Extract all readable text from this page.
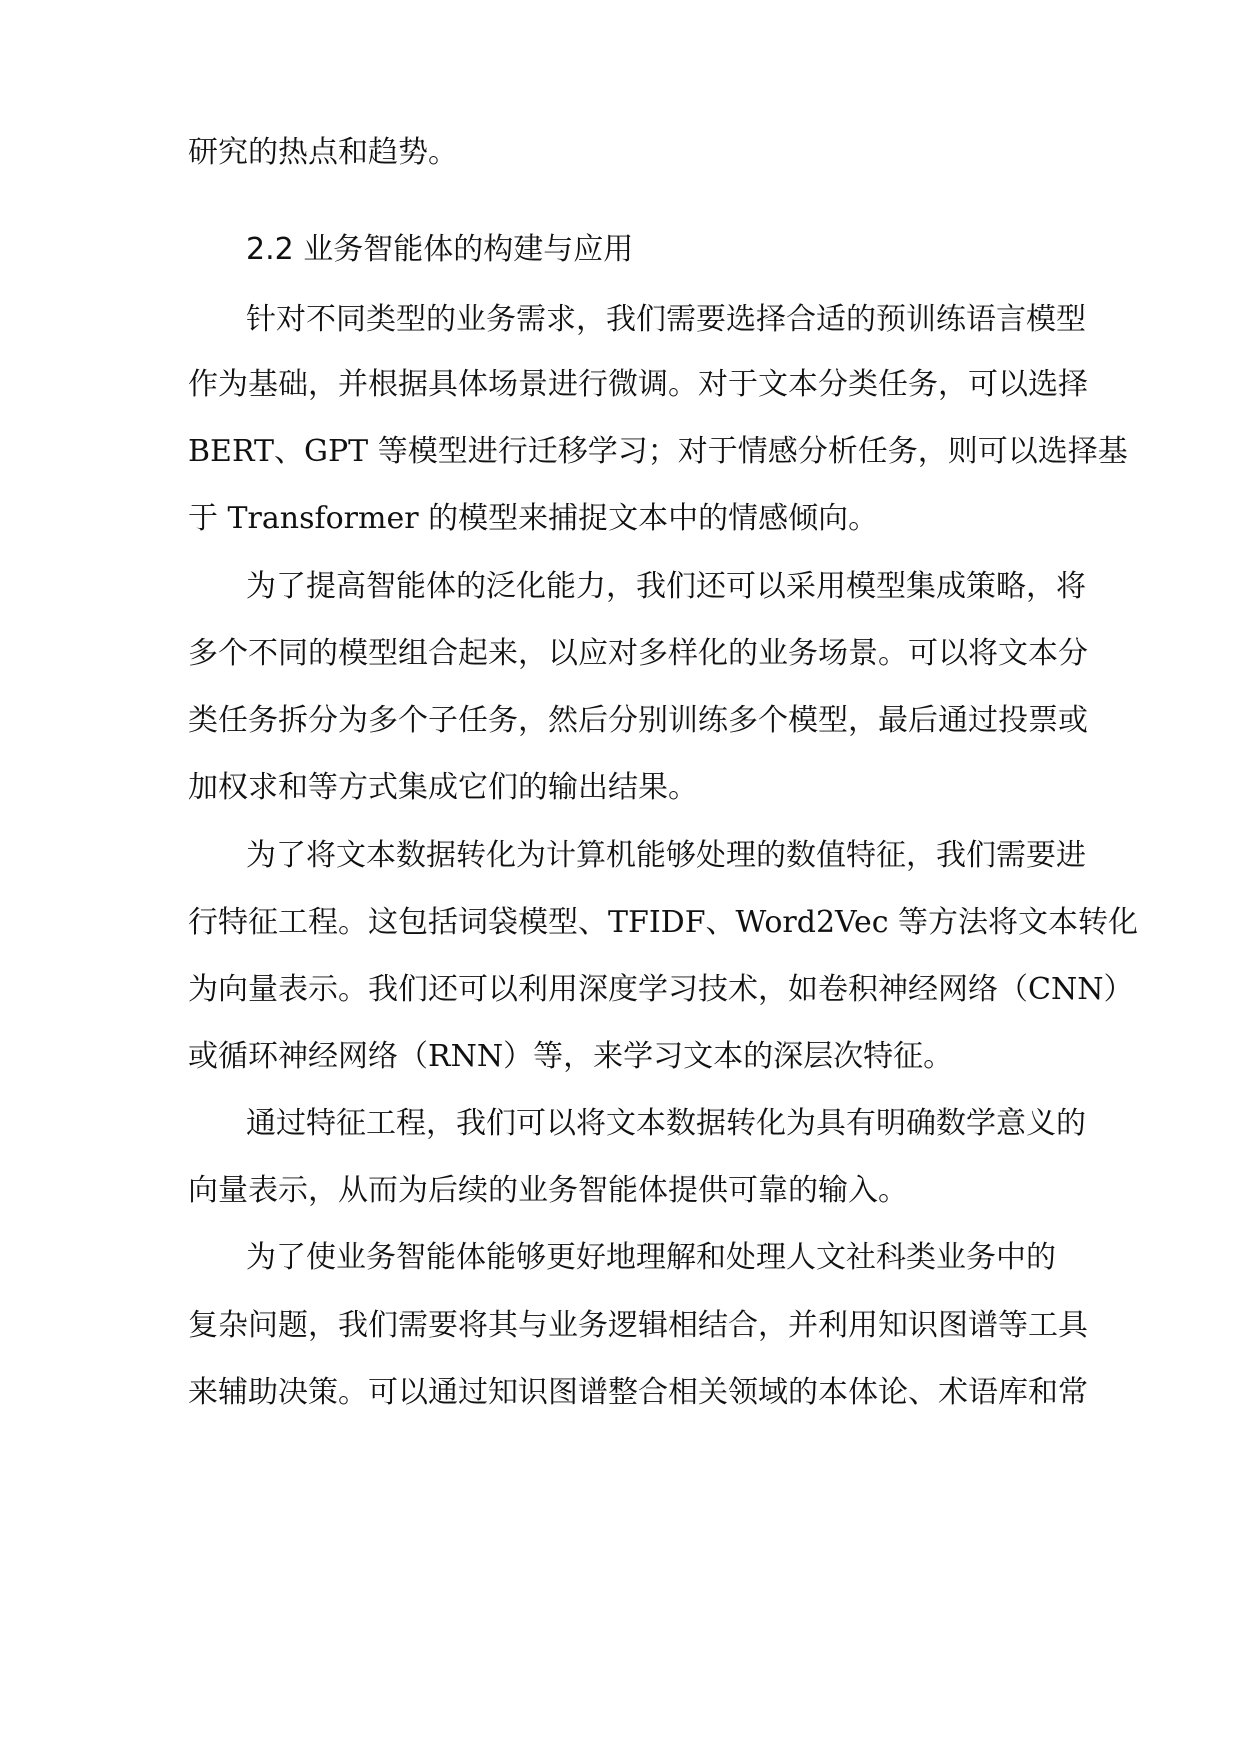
研究的热点和趋势。
2.2 业务智能体的构建与应用
针对不同类型的业务需求，我们需要选择合适的预训练语言模型
作为基础，并根据具体场景进行微调。对于文本分类任务，可以选择
BERT、GPT 等模型进行迁移学习；对于情感分析任务，则可以选择基
于 Transformer 的模型来捕捉文本中的情感倾向。
为了提高智能体的泛化能力，我们还可以采用模型集成策略，将
多个不同的模型组合起来，以应对多样化的业务场景。可以将文本分
类任务拆分为多个子任务，然后分别训练多个模型，最后通过投票或
加权求和等方式集成它们的输出结果。
为了将文本数据转化为计算机能够处理的数值特征，我们需要进
行特征工程。这包括词袋模型、TFIDF、Word2Vec 等方法将文本转化
为向量表示。我们还可以利用深度学习技术，如卷积神经网络（CNN）
或循环神经网络（RNN）等，来学习文本的深层次特征。
通过特征工程，我们可以将文本数据转化为具有明确数学意义的
向量表示，从而为后续的业务智能体提供可靠的输入。
为了使业务智能体能够更好地理解和处理人文社科类业务中的
复杂问题，我们需要将其与业务逻辑相结合，并利用知识图谱等工具
来辅助决策。可以通过知识图谱整合相关领域的本体论、术语库和常
